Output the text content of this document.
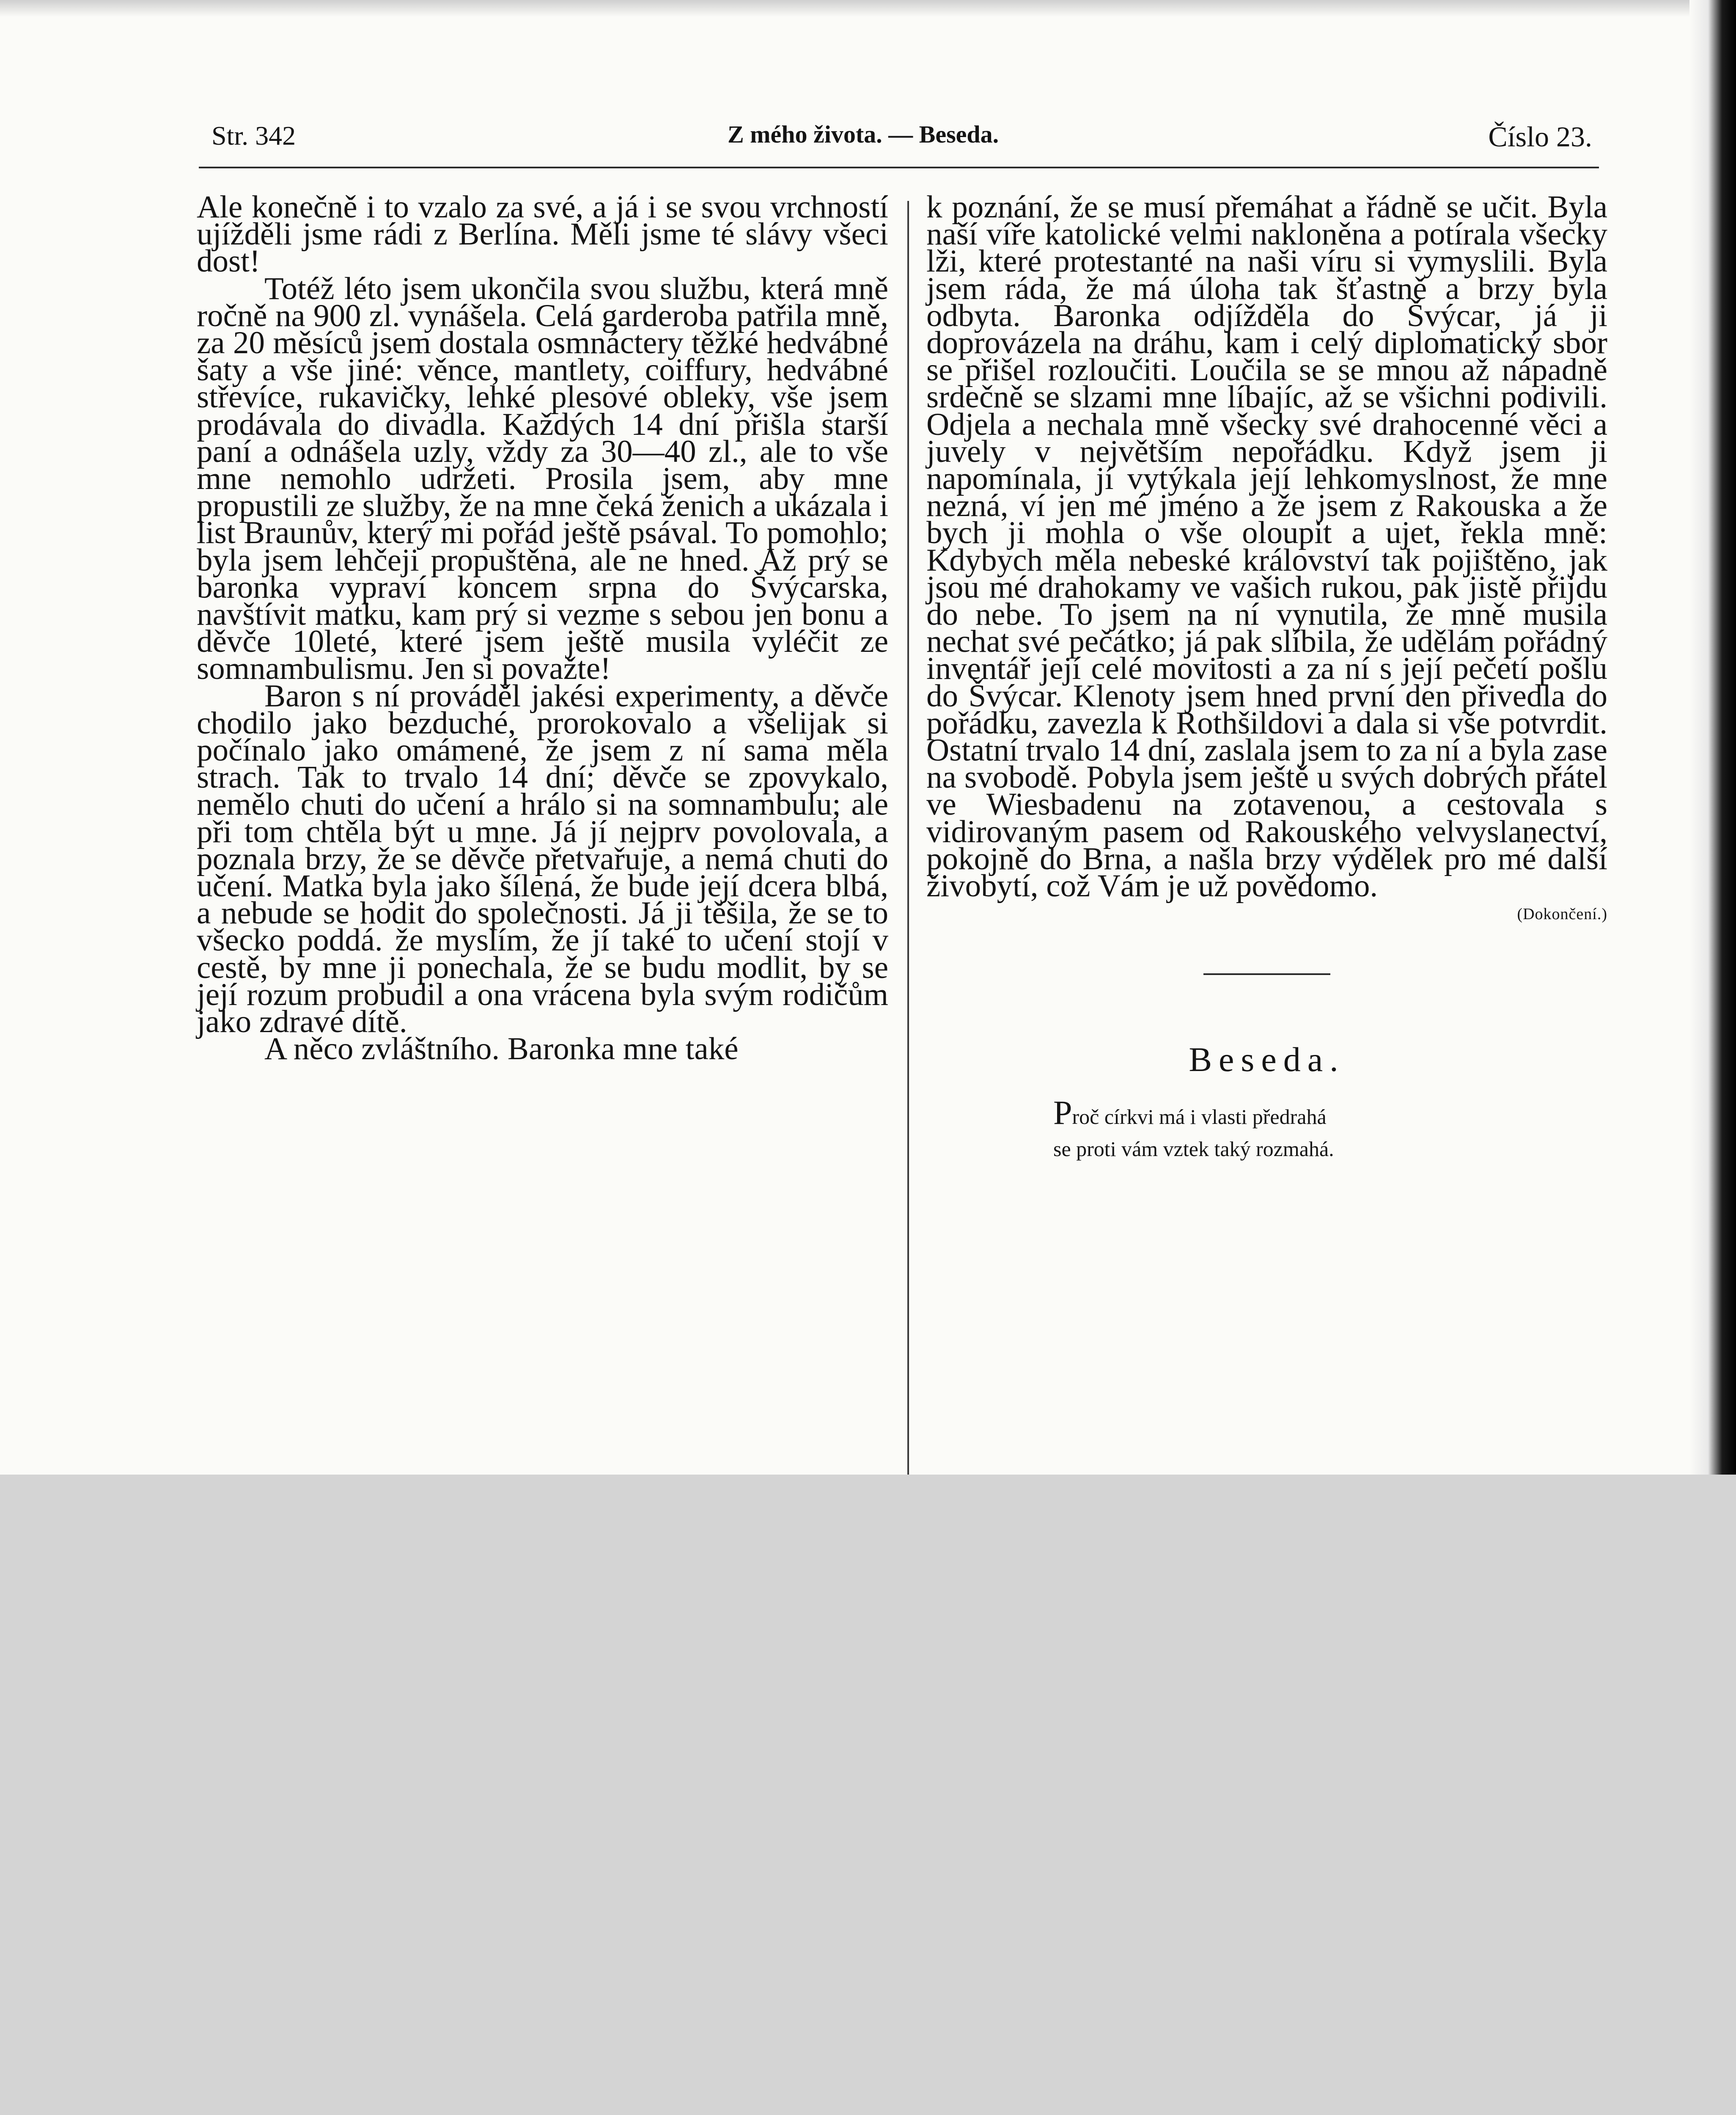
Str. 342	Z mého života. — Beseda.	Číslo 23.

Ale konečně i to vzalo za své, a já i se svou vrchností ujížděli jsme rádi z Berlína. Měli jsme té slávy všeci dost!

Totéž léto jsem ukončila svou službu, která mně ročně na 900 zl. vynášela. Celá garderoba patřila mně, za 20 měsíců jsem dostala osmnáctery těžké hedvábné šaty a vše jiné: věnce, mantlety, coiffury, hedvábné střevíce, rukavičky, lehké plesové obleky, vše jsem prodávala do divadla. Každých 14 dní přišla starší paní a odnášela uzly, vždy za 30—40 zl., ale to vše mne nemohlo udržeti. Prosila jsem, aby mne propustili ze služby, že na mne čeká ženich a ukázala i list Braunův, který mi pořád ještě psával. To pomohlo; byla jsem lehčeji propuštěna, ale ne hned. Až prý se baronka vypraví koncem srpna do Švýcarska, navštívit matku, kam prý si vezme s sebou jen bonu a děvče 10leté, které jsem ještě musila vyléčit ze somnambulismu. Jen si považte!

Baron s ní prováděl jakési experimenty, a děvče chodilo jako bezduché, prorokovalo a všelijak si počínalo jako omámené, že jsem z ní sama měla strach. Tak to trvalo 14 dní; děvče se zpovykalo, nemělo chuti do učení a hrálo si na somnambulu; ale při tom chtěla být u mne. Já jí nejprv povolovala, a poznala brzy, že se děvče přetvařuje, a nemá chuti do učení. Matka byla jako šílená, že bude její dcera blbá, a nebude se hodit do společnosti. Já ji těšila, že se to všecko poddá. že myslím, že jí také to učení stojí v cestě, by mne ji ponechala, že se budu modlit, by se její rozum probudil a ona vrácena byla svým rodičům jako zdravé dítě.

A něco zvláštního. Baronka mne také

k poznání, že se musí přemáhat a řádně se učit. Byla naší víře katolické velmi nakloněna a potírala všecky lži, které protestanté na naši víru si vymyslili. Byla jsem ráda, že má úloha tak šťastně a brzy byla odbyta. Baronka odjížděla do Švýcar, já ji doprovázela na dráhu, kam i celý diplomatický sbor se přišel rozloučiti. Loučila se se mnou až nápadně srdečně se slzami mne líbajíc, až se všichni podivili. Odjela a nechala mně všecky své drahocenné věci a juvely v největším nepořádku. Když jsem ji napomínala, jí vytýkala její lehkomyslnost, že mne nezná, ví jen mé jméno a že jsem z Rakouska a že bych ji mohla o vše oloupit a ujet, řekla mně: Kdybych měla nebeské království tak pojištěno, jak jsou mé drahokamy ve vašich rukou, pak jistě přijdu do nebe. To jsem na ní vynutila, že mně musila nechat své pečátko; já pak slíbila, že udělám pořádný inventář její celé movitosti a za ní s její pečetí pošlu do Švýcar. Klenoty jsem hned první den přivedla do pořádku, zavezla k Rothšildovi a dala si vše potvrdit. Ostatní trvalo 14 dní, zaslala jsem to za ní a byla zase na svobodě. Pobyla jsem ještě u svých dobrých přátel ve Wiesbadenu na zotavenou, a cestovala s vidirovaným pasem od Rakouského velvyslanectví, pokojně do Brna, a našla brzy výdělek pro mé další živobytí, což Vám je už povědomo.

(Dokončení.)
Beseda.
Proč církvi má i vlasti předrahá
se proti vám vztek taký rozmahá.
